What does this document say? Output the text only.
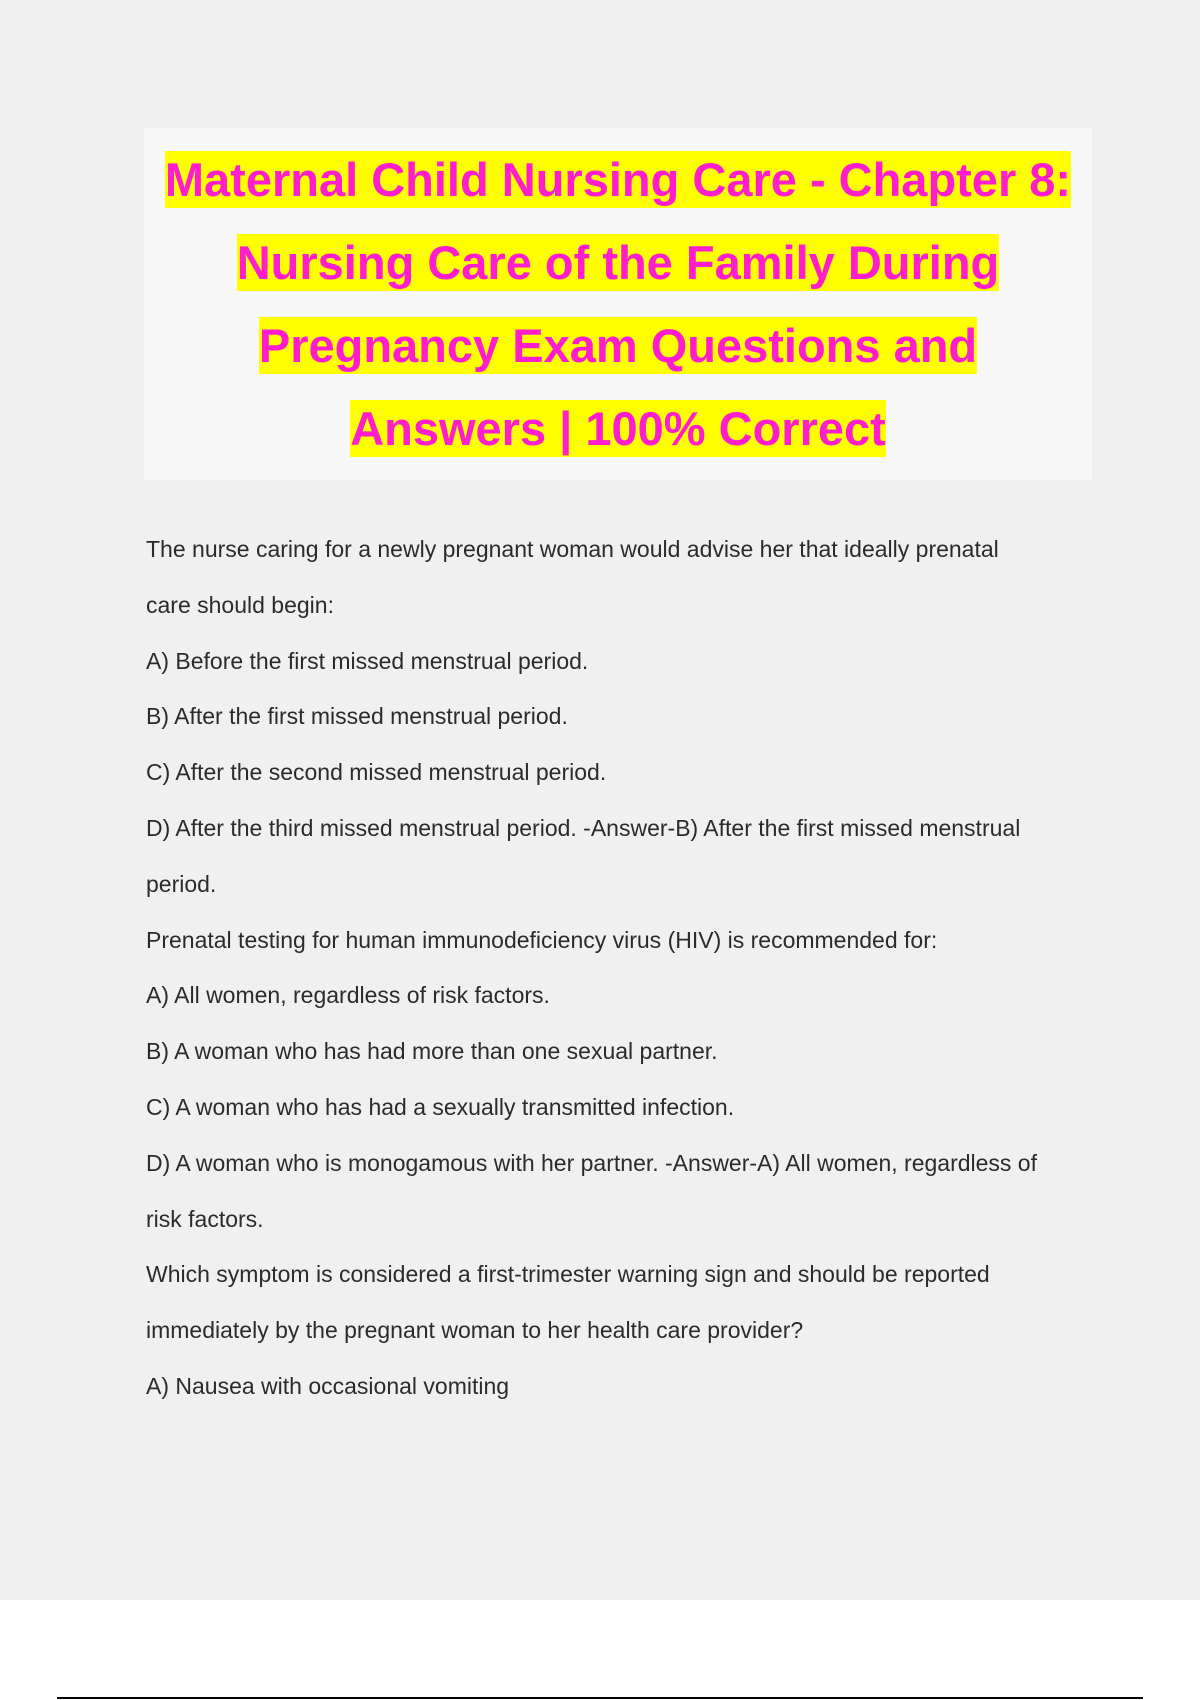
Maternal Child Nursing Care - Chapter 8:
Nursing Care of the Family During
Pregnancy Exam Questions and
Answers | 100% Correct
The nurse caring for a newly pregnant woman would advise her that ideally prenatal
care should begin:
A) Before the first missed menstrual period.
B) After the first missed menstrual period.
C) After the second missed menstrual period.
D) After the third missed menstrual period. -Answer-B) After the first missed menstrual
period.
Prenatal testing for human immunodeficiency virus (HIV) is recommended for:
A) All women, regardless of risk factors.
B) A woman who has had more than one sexual partner.
C) A woman who has had a sexually transmitted infection.
D) A woman who is monogamous with her partner. -Answer-A) All women, regardless of
risk factors.
Which symptom is considered a first-trimester warning sign and should be reported
immediately by the pregnant woman to her health care provider?
A) Nausea with occasional vomiting
